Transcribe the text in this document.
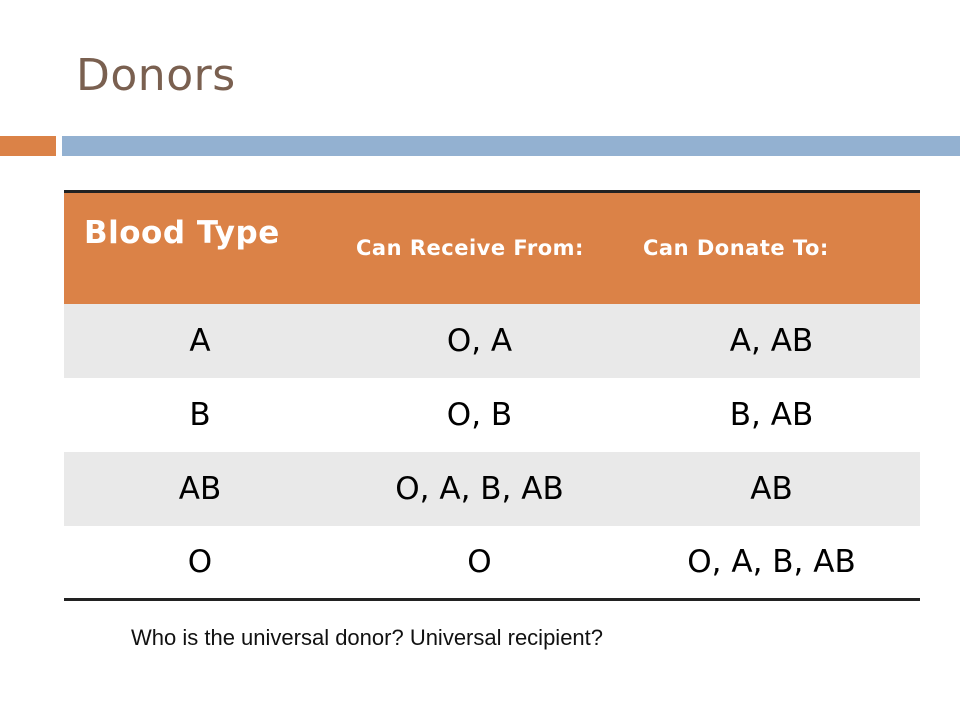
Donors
Blood Type	Can Receive From:	Can Donate To:
A	O, A	A, AB
B	O, B	B, AB
AB	O, A, B, AB	AB
O	O	O, A, B, AB
Who is the universal donor? Universal recipient?
